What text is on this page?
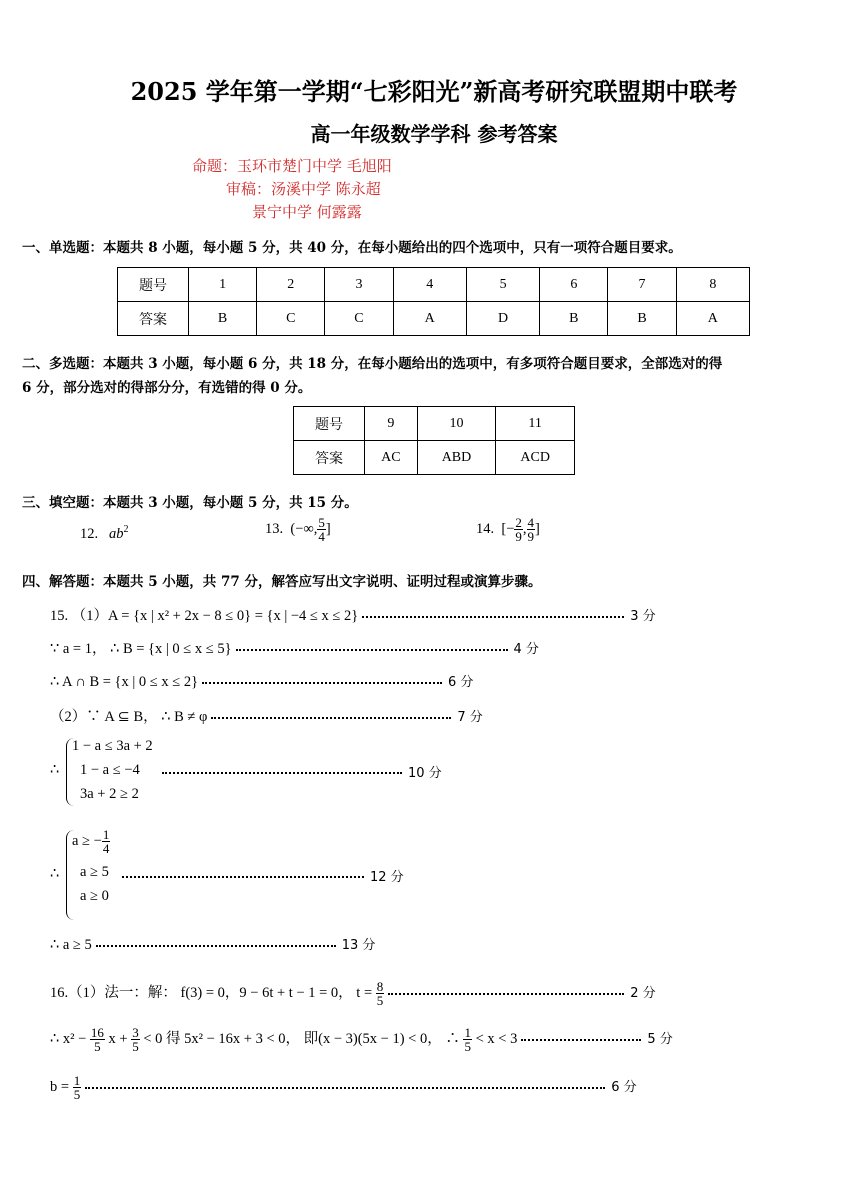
2025 学年第一学期“七彩阳光”新高考研究联盟期中联考
高一年级数学学科 参考答案
命题：玉环市楚门中学 毛旭阳
审稿：汤溪中学 陈永超
景宁中学 何露露
一、单选题：本题共 8 小题，每小题 5 分，共 40 分，在每小题给出的四个选项中，只有一项符合题目要求。
题号	1	2	3	4	5	6	7	8
答案	B	C	C	A	D	B	B	A
二、多选题：本题共 3 小题，每小题 6 分，共 18 分，在每小题给出的选项中，有多项符合题目要求，全部选对的得
6 分，部分选对的得部分分，有选错的得 0 分。
题号	9	10	11
答案	AC	ABD	ACD
三、填空题：本题共 3 小题，每小题 5 分，共 15 分。
12. $ab^2$	13. (−∞, $\frac{5}{4}$ ]	14. [− $\frac{2}{9}$ , $\frac{4}{9}$ ]
四、解答题：本题共 5 小题，共 77 分，解答应写出文字说明、证明过程或演算步骤。
15. （1）A = {x | x² + 2x − 8 ≤ 0} = {x | −4 ≤ x ≤ 2}	3 分
∵ a = 1， ∴ B = {x | 0 ≤ x ≤ 5}	4 分
∴ A ∩ B = {x | 0 ≤ x ≤ 2}	6 分
（2）∵ A ⊆ B， ∴ B ≠ φ	7 分
∴
1 − a ≤ 3a + 2
1 − a ≤ −4
3a + 2 ≥ 2
10 分
∴
a ≥ − $\frac{1}{4}$
a ≥ 5
a ≥ 0
12 分
∴ a ≥ 5	13 分
16.（1）法一：解： f(3) = 0，9 − 6t + t − 1 = 0， $t = \frac{8}{5}$	2 分
∴ $x^2 - \frac{16}{5}$ $x + \frac{3}{5} < 0$ 得 5x² − 16x + 3 < 0， 即(x − 3)(5x − 1) < 0， ∴ $\frac{1}{5} < x < 3$	5 分
$b = \frac{1}{5}$	6 分
